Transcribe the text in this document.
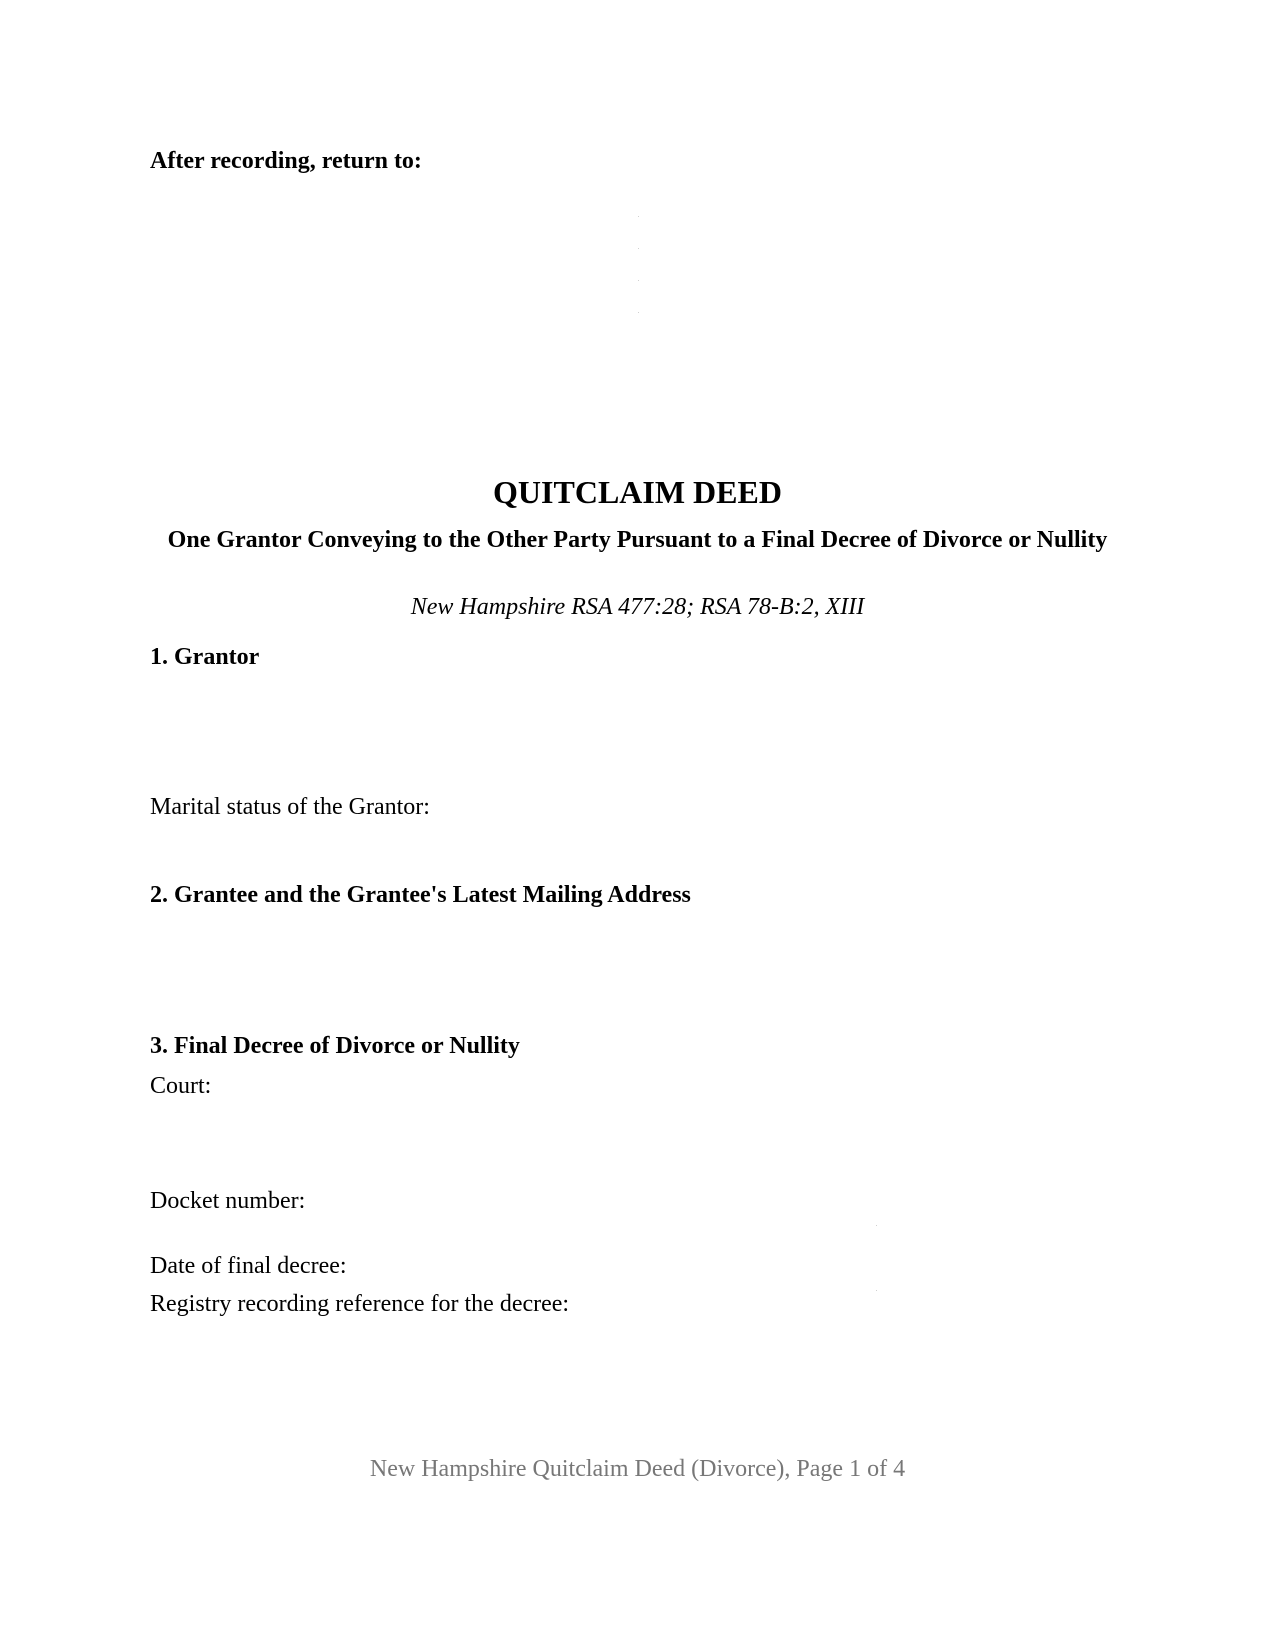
After recording, return to:

QUITCLAIM DEED
One Grantor Conveying to the Other Party Pursuant to a Final Decree of Divorce or Nullity

New Hampshire RSA 477:28; RSA 78-B:2, XIII

1. Grantor

Marital status of the Grantor:

2. Grantee and the Grantee's Latest Mailing Address
3. Final Decree of Divorce or Nullity

Court:

Docket number:

Date of final decree:

Registry recording reference for the decree:

New Hampshire Quitclaim Deed (Divorce), Page 1 of 4
